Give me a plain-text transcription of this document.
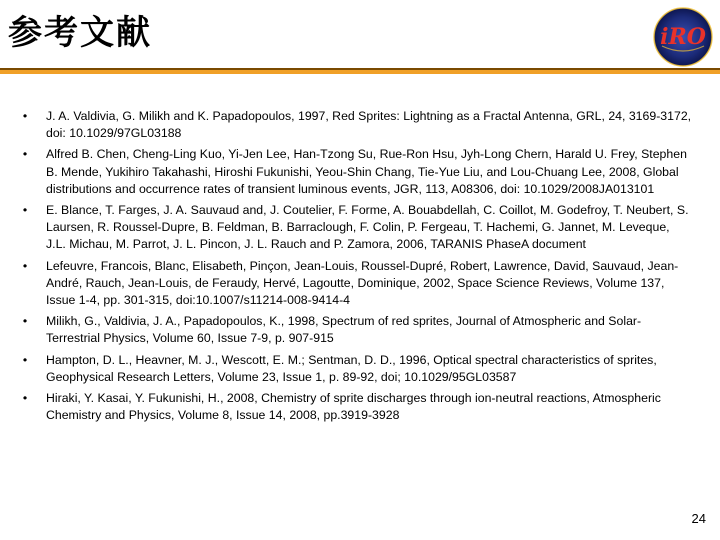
参考文献	iRO
• J. A. Valdivia, G. Milikh and K. Papadopoulos, 1997, Red Sprites: Lightning as a Fractal Antenna, GRL, 24, 3169-3172, doi: 10.1029/97GL03188
• Alfred B. Chen, Cheng-Ling Kuo, Yi-Jen Lee, Han-Tzong Su, Rue-Ron Hsu, Jyh-Long Chern, Harald U. Frey, Stephen B. Mende, Yukihiro Takahashi, Hiroshi Fukunishi, Yeou-Shin Chang, Tie-Yue Liu, and Lou-Chuang Lee, 2008, Global distributions and occurrence rates of transient luminous events, JGR, 113, A08306, doi: 10.1029/2008JA013101
• E. Blance, T. Farges, J. A. Sauvaud and, J. Coutelier, F. Forme, A. Bouabdellah, C. Coillot, M. Godefroy, T. Neubert, S. Laursen, R. Roussel-Dupre, B. Feldman, B. Barraclough, F. Colin, P. Fergeau, T. Hachemi, G. Jannet, M. Leveque, J.L. Michau, M. Parrot, J. L. Pincon, J. L. Rauch and P. Zamora, 2006, TARANIS PhaseA document
• Lefeuvre, Francois, Blanc, Elisabeth, Pinçon, Jean-Louis, Roussel-Dupré, Robert, Lawrence, David, Sauvaud, Jean-André, Rauch, Jean-Louis, de Feraudy, Hervé, Lagoutte, Dominique, 2002, Space Science Reviews, Volume 137, Issue 1-4, pp. 301-315, doi:10.1007/s11214-008-9414-4
• Milikh, G., Valdivia, J. A., Papadopoulos, K., 1998, Spectrum of red sprites, Journal of Atmospheric and Solar-Terrestrial Physics, Volume 60, Issue 7-9, p. 907-915
• Hampton, D. L., Heavner, M. J., Wescott, E. M.; Sentman, D. D., 1996, Optical spectral characteristics of sprites, Geophysical Research Letters, Volume 23, Issue 1, p. 89-92, doi; 10.1029/95GL03587
• Hiraki, Y. Kasai, Y. Fukunishi, H., 2008, Chemistry of sprite discharges through ion-neutral reactions, Atmospheric Chemistry and Physics, Volume 8, Issue 14, 2008, pp.3919-3928
24
